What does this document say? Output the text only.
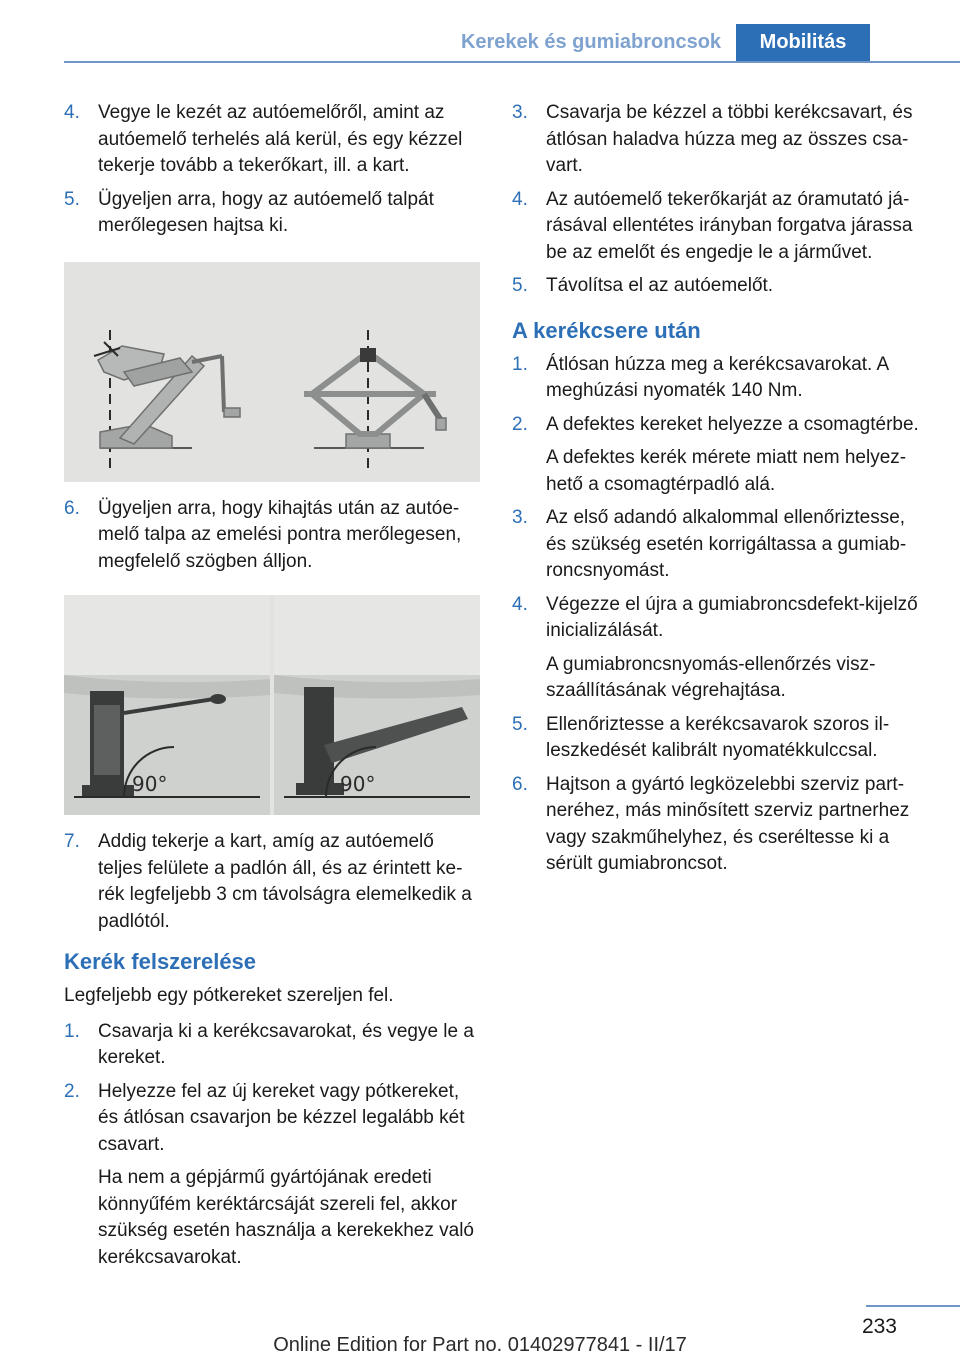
Kerekek és gumiabroncsok	Mobilitás
4. Vegye le kezét az autóemelőről, amint az autóemelő terhelés alá kerül, és egy kézzel tekerje tovább a tekerőkart, ill. a kart.
5. Ügyeljen arra, hogy az autóemelő talpát merőlegesen hajtsa ki.
6. Ügyeljen arra, hogy kihajtás után az autóemelő talpa az emelési pontra merőlegesen, megfelelő szögben álljon.
90°	90°
7. Addig tekerje a kart, amíg az autóemelő teljes felülete a padlón áll, és az érintett kerék legfeljebb 3 cm távolságra elemelkedik a padlótól.
Kerék felszerelése

Legfeljebb egy pótkereket szereljen fel.

1. Csavarja ki a kerékcsavarokat, és vegye le a kereket.
2. Helyezze fel az új kereket vagy pótkereket, és átlósan csavarjon be kézzel legalább két csavart.
Ha nem a gépjármű gyártójának eredeti könnyűfém keréktárcsáját szereli fel, akkor szükség esetén használja a kerekekhez való kerékcsavarokat.
3. Csavarja be kézzel a többi kerékcsavart, és átlósan haladva húzza meg az összes csavart.
4. Az autóemelő tekerőkarját az óramutató járásával ellentétes irányban forgatva járassa be az emelőt és engedje le a járművet.
5. Távolítsa el az autóemelőt.
A kerékcsere után
1. Átlósan húzza meg a kerékcsavarokat. A meghúzási nyomaték 140 Nm.
2. A defektes kereket helyezze a csomagtérbe.
A defektes kerék mérete miatt nem helyezhető a csomagtérpadló alá.
3. Az első adandó alkalommal ellenőriztesse, és szükség esetén korrigáltassa a gumiabroncsnyomást.
4. Végezze el újra a gumiabroncsdefekt-kijelző inicializálását.
A gumiabroncsnyomás-ellenőrzés viszszaállításának végrehajtása.
5. Ellenőriztesse a kerékcsavarok szoros illeszkedését kalibrált nyomatékkulccsal.
6. Hajtson a gyártó legközelebbi szerviz partneréhez, más minősített szerviz partnerhez vagy szakműhelyhez, és cseréltesse ki a sérült gumiabroncsot.
233
Online Edition for Part no. 01402977841 - II/17
